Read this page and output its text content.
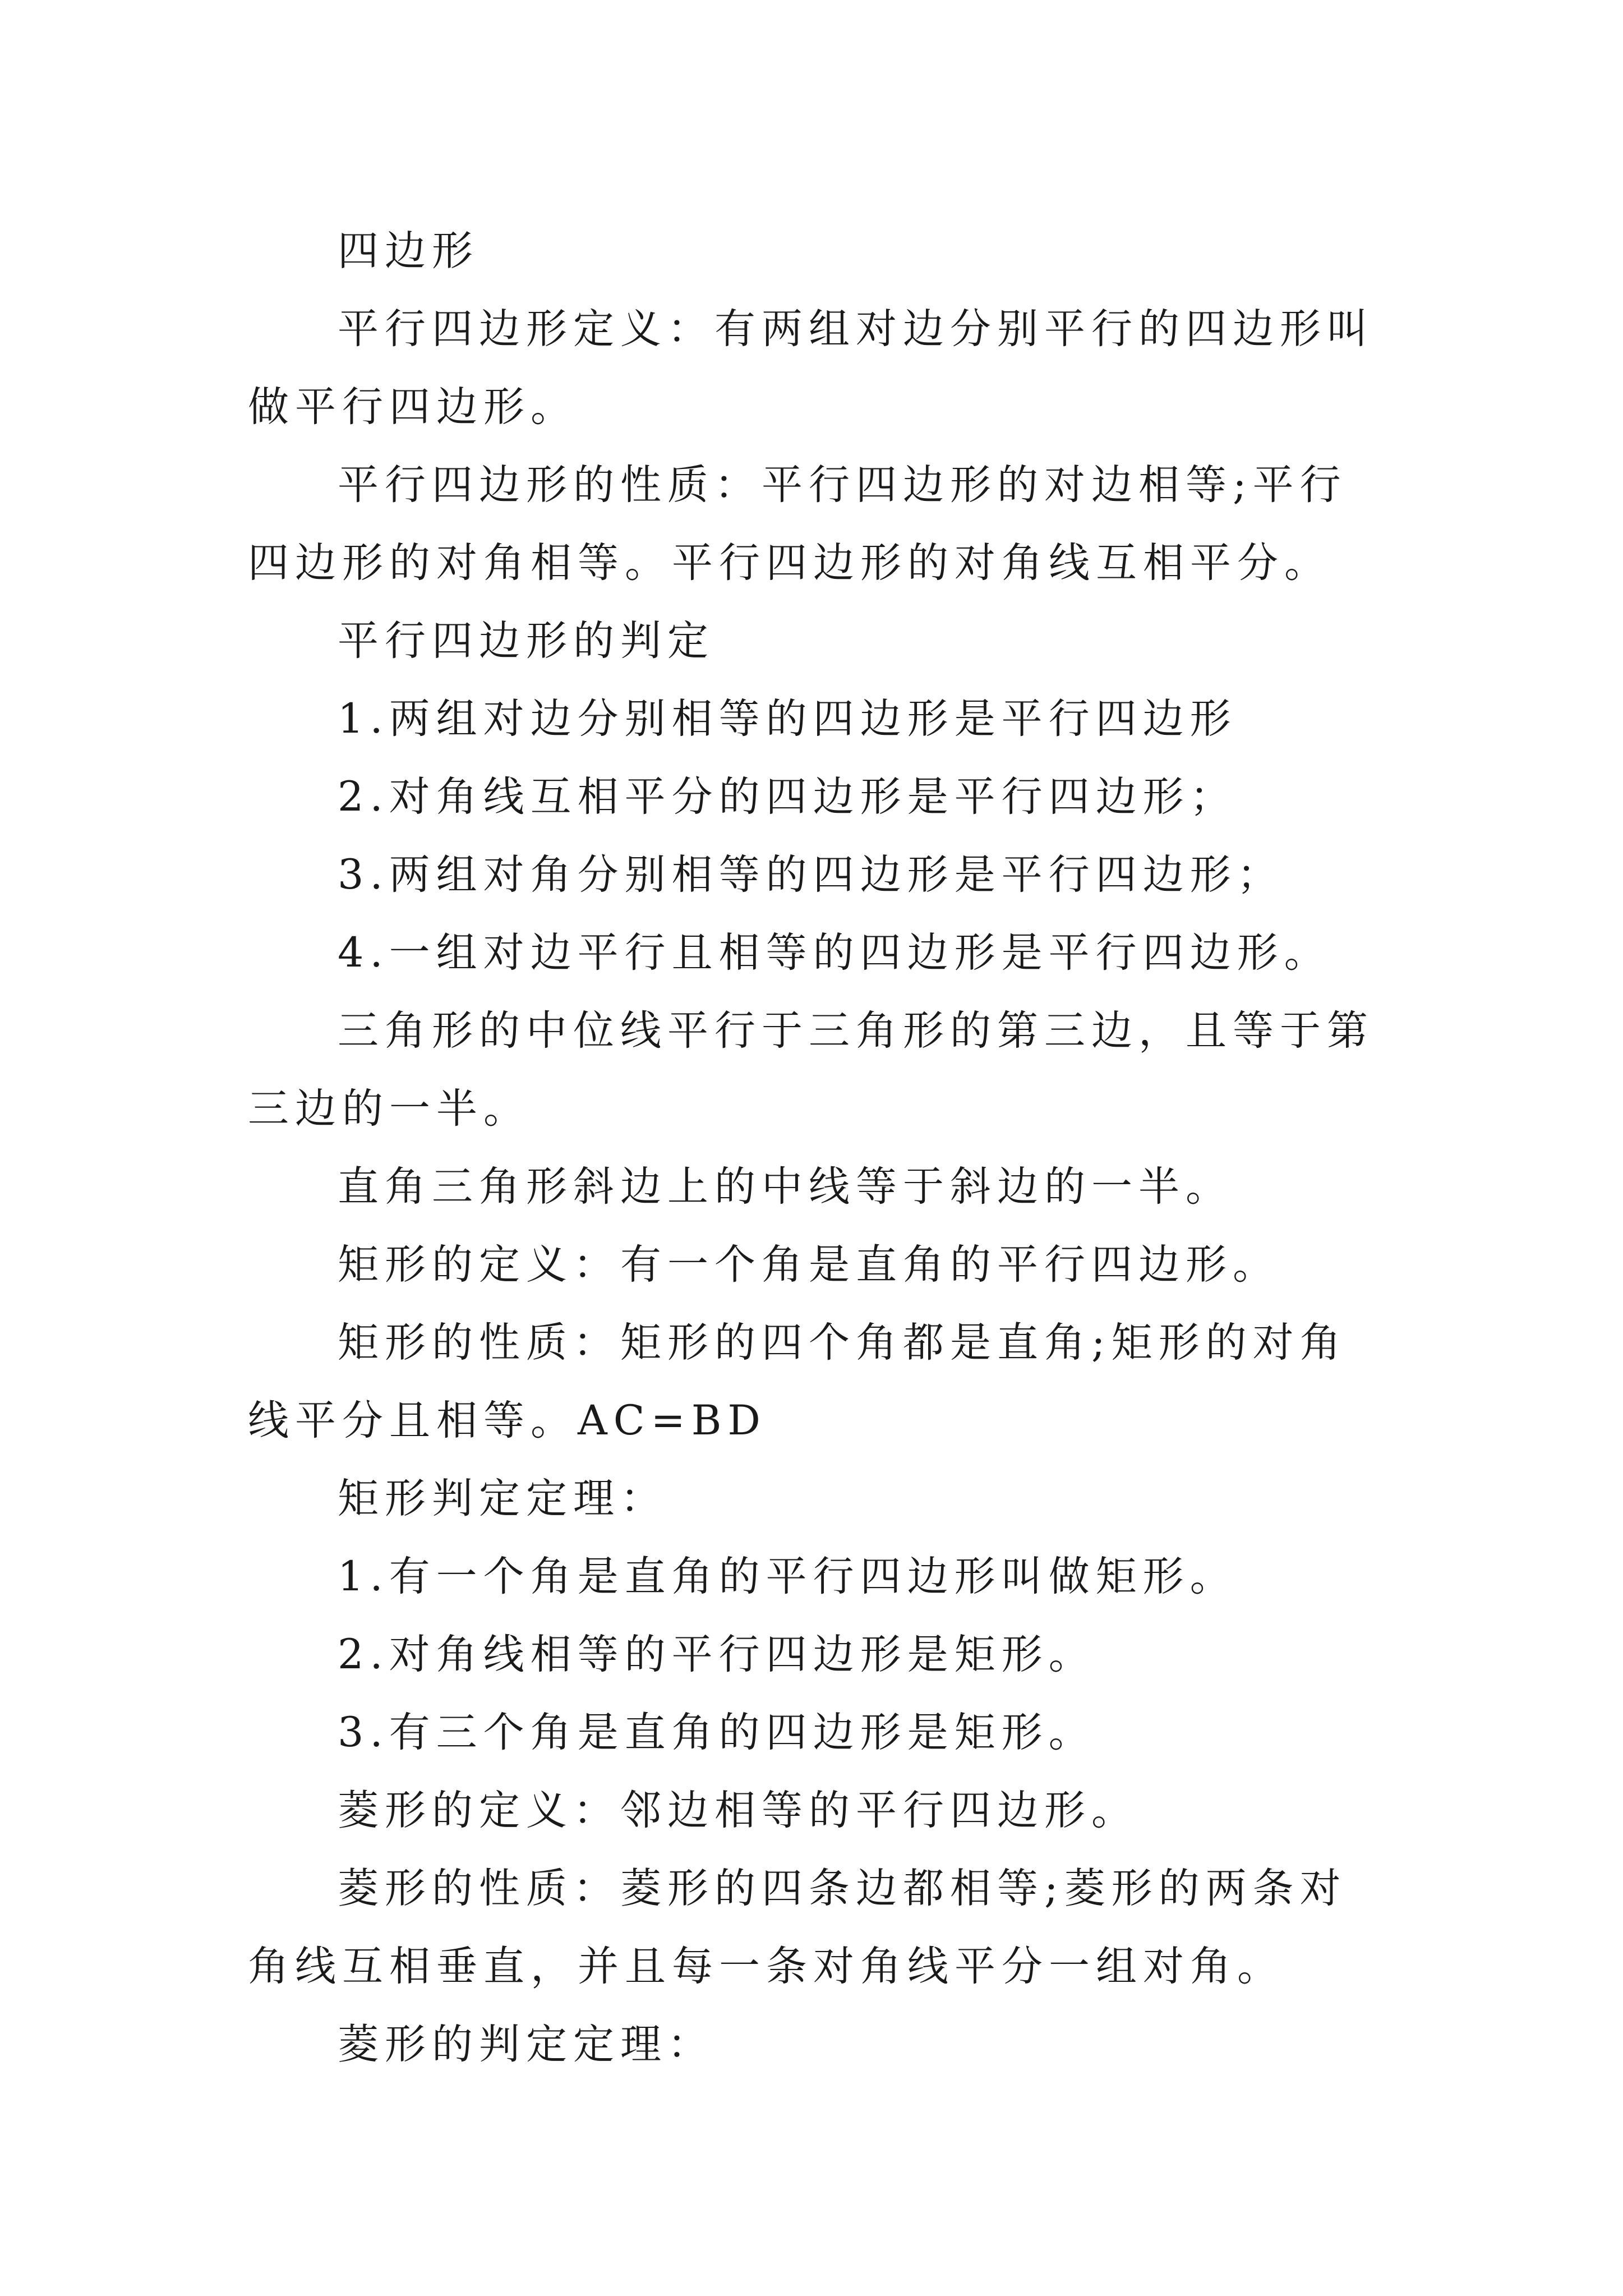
四边形

平行四边形定义：有两组对边分别平行的四边形叫做平行四边形。

平行四边形的性质：平行四边形的对边相等;平行四边形的对角相等。平行四边形的对角线互相平分。

平行四边形的判定

1.两组对边分别相等的四边形是平行四边形

2.对角线互相平分的四边形是平行四边形；

3.两组对角分别相等的四边形是平行四边形；

4.一组对边平行且相等的四边形是平行四边形。

三角形的中位线平行于三角形的第三边，且等于第三边的一半。

直角三角形斜边上的中线等于斜边的一半。

矩形的定义：有一个角是直角的平行四边形。

矩形的性质：矩形的四个角都是直角;矩形的对角线平分且相等。AC=BD

矩形判定定理：

1.有一个角是直角的平行四边形叫做矩形。

2.对角线相等的平行四边形是矩形。

3.有三个角是直角的四边形是矩形。

菱形的定义：邻边相等的平行四边形。

菱形的性质：菱形的四条边都相等;菱形的两条对角线互相垂直，并且每一条对角线平分一组对角。

菱形的判定定理：
